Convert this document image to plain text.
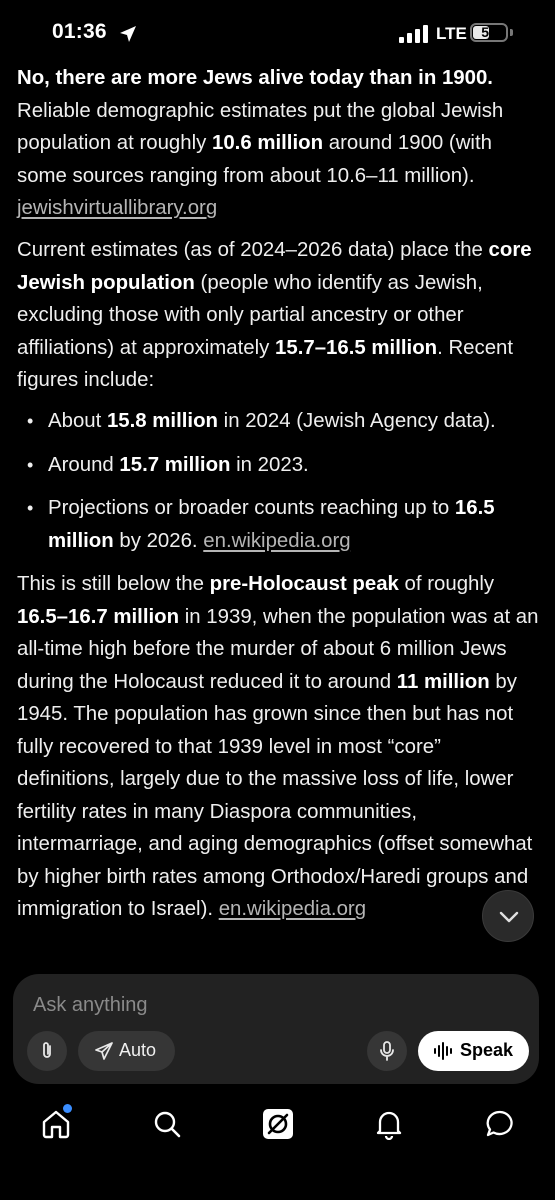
01:36	LTE	50

No, there are more Jews alive today than in 1900. Reliable demographic estimates put the global Jewish population at roughly 10.6 million around 1900 (with some sources ranging from about 10.6–11 million). jewishvirtuallibrary.org

Current estimates (as of 2024–2026 data) place the core Jewish population (people who identify as Jewish, excluding those with only partial ancestry or other affiliations) at approximately 15.7–16.5 million. Recent figures include:

• About 15.8 million in 2024 (Jewish Agency data).
• Around 15.7 million in 2023.
• Projections or broader counts reaching up to 16.5 million by 2026. en.wikipedia.org

This is still below the pre-Holocaust peak of roughly 16.5–16.7 million in 1939, when the population was at an all-time high before the murder of about 6 million Jews during the Holocaust reduced it to around 11 million by 1945. The population has grown since then but has not fully recovered to that 1939 level in most “core” definitions, largely due to the massive loss of life, lower fertility rates in many Diaspora communities, intermarriage, and aging demographics (offset somewhat by higher birth rates among Orthodox/Haredi groups and immigration to Israel). en.wikipedia.org

Ask anything
Auto	Speak
